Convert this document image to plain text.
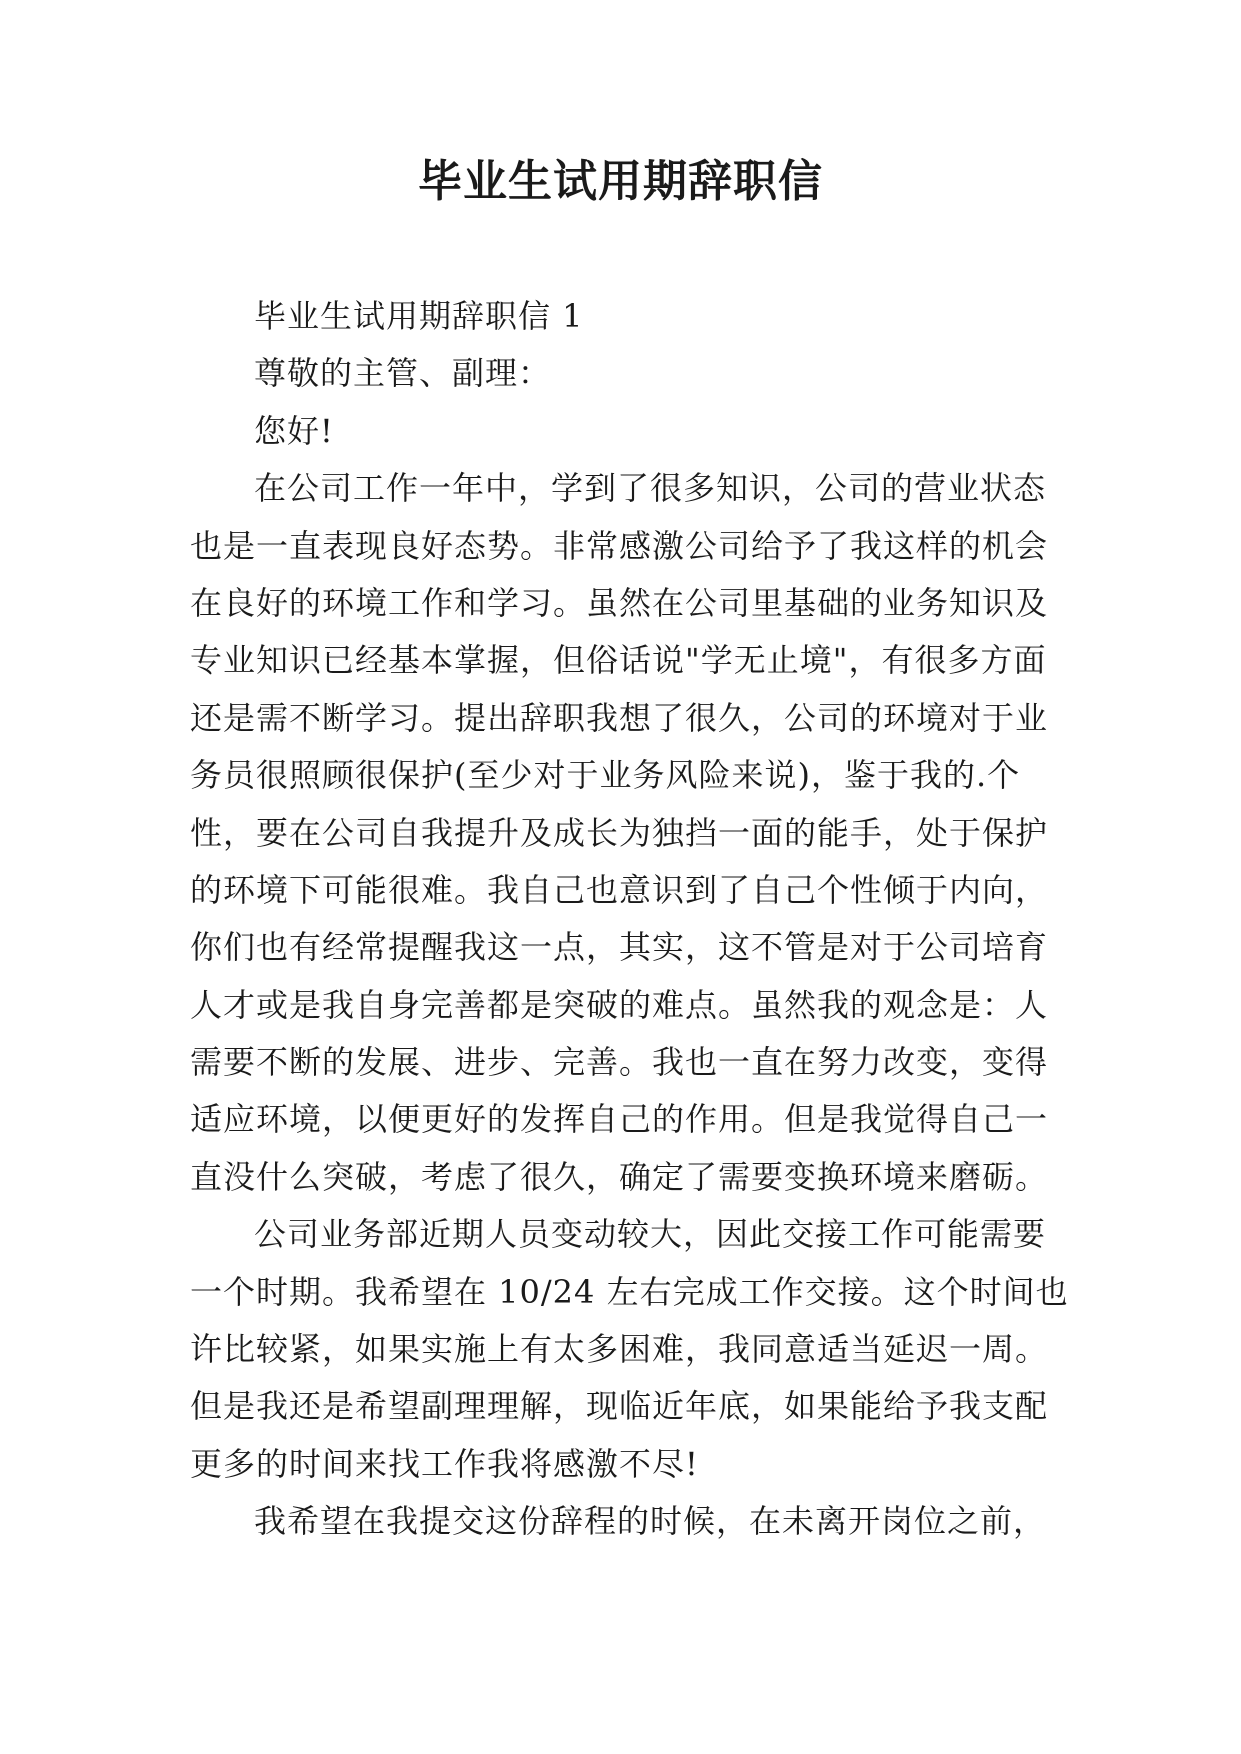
毕业生试用期辞职信
毕业生试用期辞职信 1
尊敬的主管、副理：
您好!
在公司工作一年中，学到了很多知识，公司的营业状态
也是一直表现良好态势。非常感激公司给予了我这样的机会
在良好的环境工作和学习。虽然在公司里基础的业务知识及
专业知识已经基本掌握，但俗话说"学无止境"，有很多方面
还是需不断学习。提出辞职我想了很久，公司的环境对于业
务员很照顾很保护(至少对于业务风险来说)，鉴于我的.个
性，要在公司自我提升及成长为独挡一面的能手，处于保护
的环境下可能很难。我自己也意识到了自己个性倾于内向，
你们也有经常提醒我这一点，其实，这不管是对于公司培育
人才或是我自身完善都是突破的难点。虽然我的观念是：人
需要不断的发展、进步、完善。我也一直在努力改变，变得
适应环境，以便更好的发挥自己的作用。但是我觉得自己一
直没什么突破，考虑了很久，确定了需要变换环境来磨砺。
公司业务部近期人员变动较大，因此交接工作可能需要
一个时期。我希望在 10/24 左右完成工作交接。这个时间也
许比较紧，如果实施上有太多困难，我同意适当延迟一周。
但是我还是希望副理理解，现临近年底，如果能给予我支配
更多的时间来找工作我将感激不尽!
我希望在我提交这份辞程的时候，在未离开岗位之前，
